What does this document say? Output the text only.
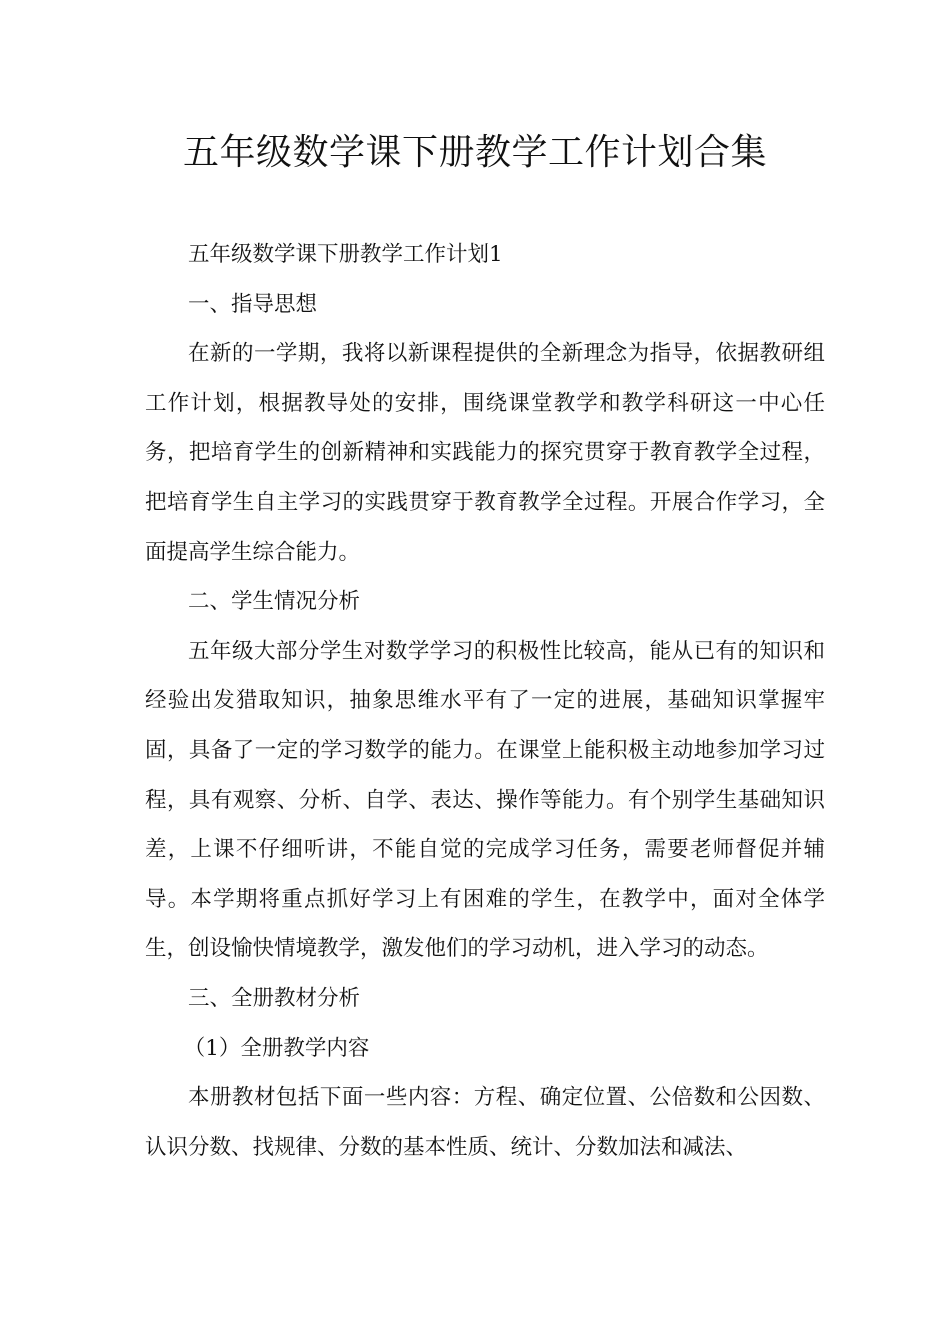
五年级数学课下册教学工作计划合集

五年级数学课下册教学工作计划1

一、指导思想

在新的一学期，我将以新课程提供的全新理念为指导，依据教研组工作计划，根据教导处的安排，围绕课堂教学和教学科研这一中心任务，把培育学生的创新精神和实践能力的探究贯穿于教育教学全过程，把培育学生自主学习的实践贯穿于教育教学全过程。开展合作学习，全面提高学生综合能力。

二、学生情况分析

五年级大部分学生对数学学习的积极性比较高，能从已有的知识和经验出发猎取知识，抽象思维水平有了一定的进展，基础知识掌握牢固，具备了一定的学习数学的能力。在课堂上能积极主动地参加学习过程，具有观察、分析、自学、表达、操作等能力。有个别学生基础知识差，上课不仔细听讲，不能自觉的完成学习任务，需要老师督促并辅导。本学期将重点抓好学习上有困难的学生，在教学中，面对全体学生，创设愉快情境教学，激发他们的学习动机，进入学习的动态。

三、全册教材分析

（1）全册教学内容

本册教材包括下面一些内容：方程、确定位置、公倍数和公因数、认识分数、找规律、分数的基本性质、统计、分数加法和减法、
